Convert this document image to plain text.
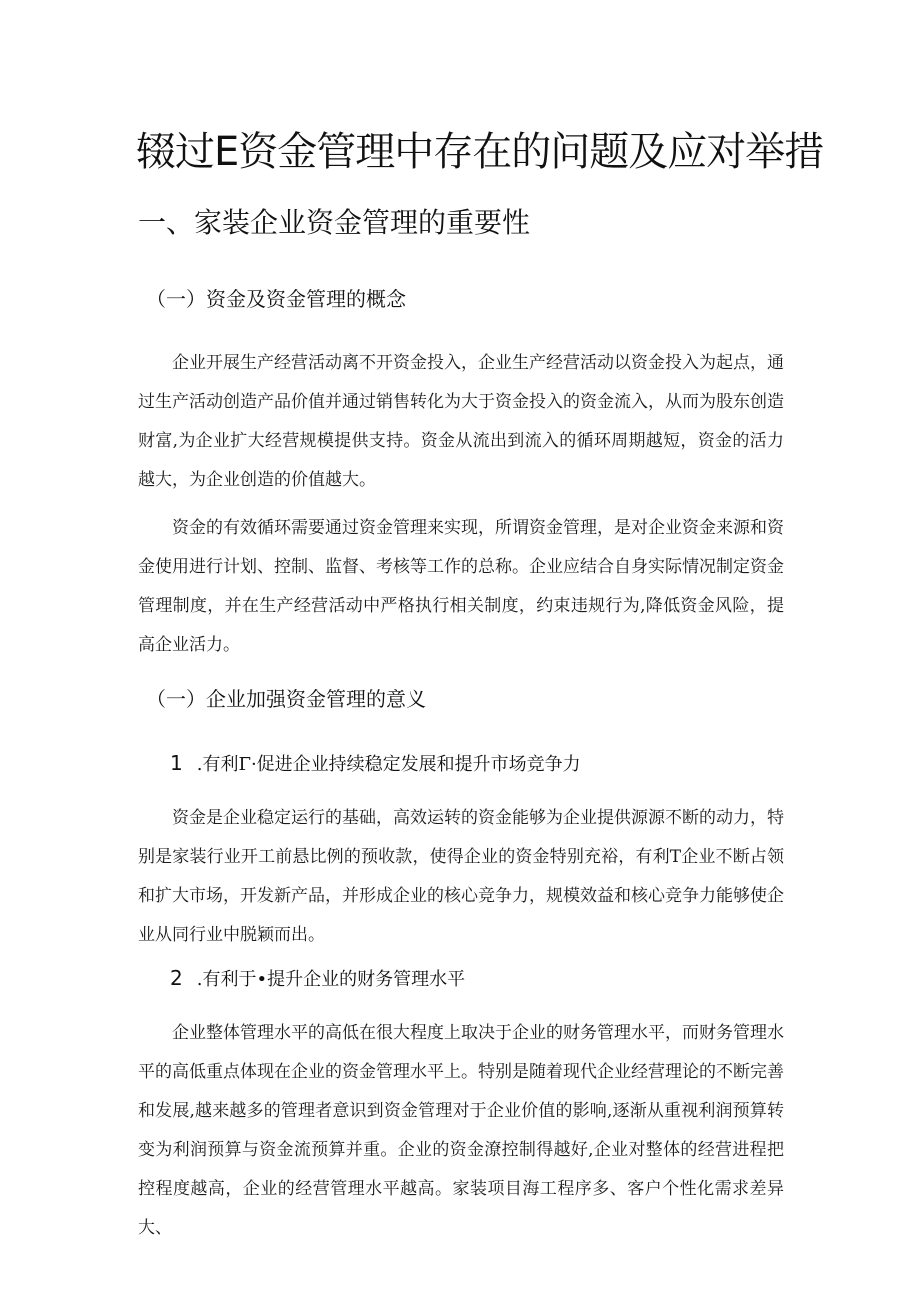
辍过E资金管理中存在的问题及应对举措
一、家装企业资金管理的重要性
（一）资金及资金管理的概念

企业开展生产经营活动离不开资金投入，企业生产经营活动以资金投入为起点，通过生产活动创造产品价值并通过销售转化为大于资金投入的资金流入，从而为股东创造财富,为企业扩大经营规模提供支持。资金从流出到流入的循环周期越短，资金的活力越大，为企业创造的价值越大。

资金的有效循环需要通过资金管理来实现，所谓资金管理，是对企业资金来源和资金使用进行计划、控制、监督、考核等工作的总称。企业应结合自身实际情况制定资金管理制度，并在生产经营活动中严格执行相关制度，约束违规行为,降低资金风险，提高企业活力。

（一）企业加强资金管理的意义
1 .有利Γ·促进企业持续稳定发展和提升市场竞争力

资金是企业稳定运行的基础，高效运转的资金能够为企业提供源源不断的动力，特别是家装行业开工前悬比例的预收款，使得企业的资金特别充裕，有利T企业不断占领和扩大市场，开发新产品，并形成企业的核心竞争力，规模效益和核心竞争力能够使企业从同行业中脱颖而出。

2 .有利于•提升企业的财务管理水平

企业整体管理水平的高低在很大程度上取决于企业的财务管理水平，而财务管理水平的高低重点体现在企业的资金管理水平上。特别是随着现代企业经营理论的不断完善和发展,越来越多的管理者意识到资金管理对于企业价值的影响,逐渐从重视利润预算转变为利润预算与资金流预算并重。企业的资金潦控制得越好,企业对整体的经营进程把控程度越高，企业的经营管理水平越高。家装项目海工程序多、客户个性化需求差异大、
